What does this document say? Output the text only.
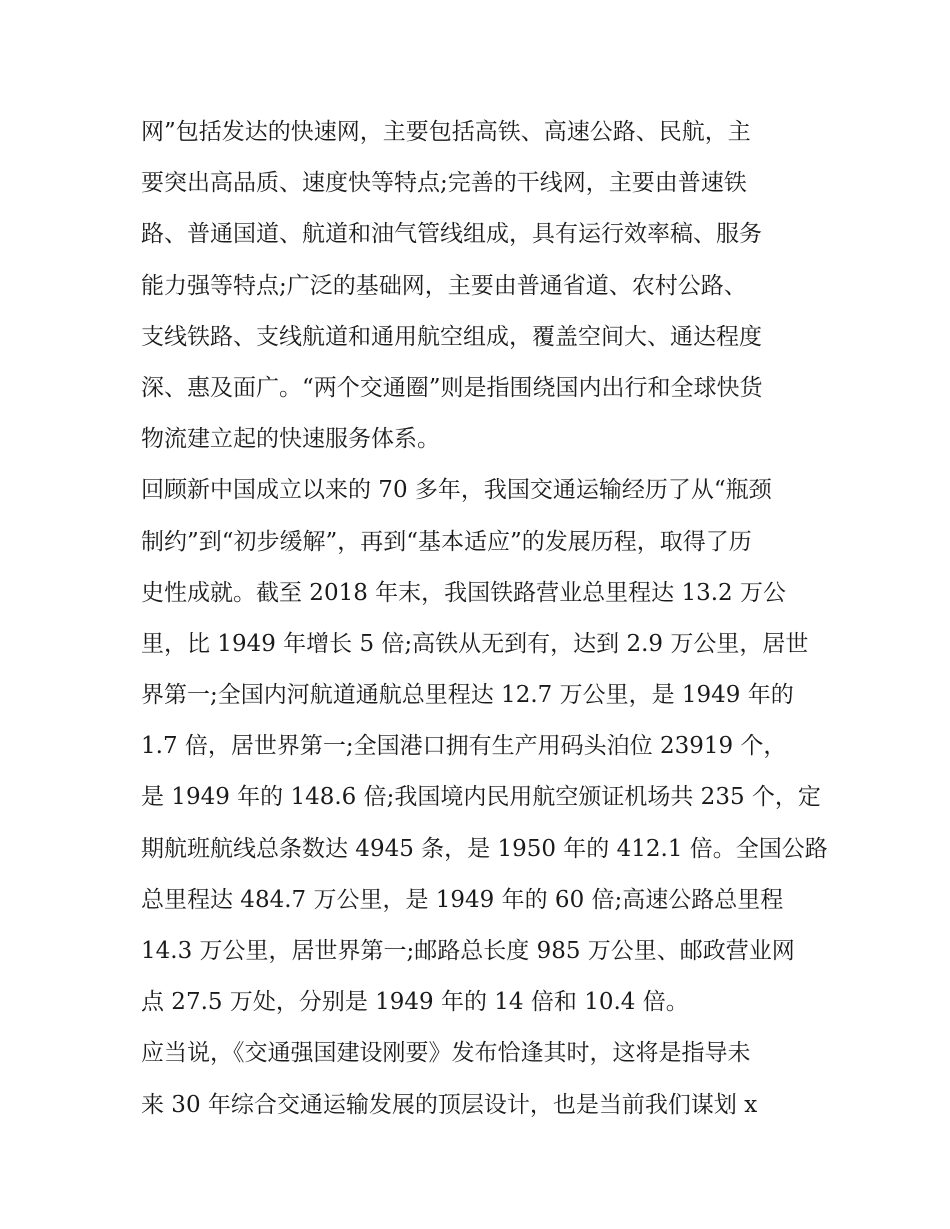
网”包括发达的快速网，主要包括高铁、高速公路、民航，主
要突出高品质、速度快等特点;完善的干线网，主要由普速铁
路、普通国道、航道和油气管线组成，具有运行效率稿、服务
能力强等特点;广泛的基础网，主要由普通省道、农村公路、
支线铁路、支线航道和通用航空组成，覆盖空间大、通达程度
深、惠及面广。“两个交通圈”则是指围绕国内出行和全球快货
物流建立起的快速服务体系。
回顾新中国成立以来的 70 多年，我国交通运输经历了从“瓶颈
制约”到“初步缓解”，再到“基本适应”的发展历程，取得了历
史性成就。截至 2018 年末，我国铁路营业总里程达 13.2 万公
里，比 1949 年增长 5 倍;高铁从无到有，达到 2.9 万公里，居世
界第一;全国内河航道通航总里程达 12.7 万公里，是 1949 年的
1.7 倍，居世界第一;全国港口拥有生产用码头泊位 23919 个，
是 1949 年的 148.6 倍;我国境内民用航空颁证机场共 235 个，定
期航班航线总条数达 4945 条，是 1950 年的 412.1 倍。全国公路
总里程达 484.7 万公里，是 1949 年的 60 倍;高速公路总里程
14.3 万公里，居世界第一;邮路总长度 985 万公里、邮政营业网
点 27.5 万处，分别是 1949 年的 14 倍和 10.4 倍。
应当说，《交通强国建设刚要》发布恰逢其时，这将是指导未
来 30 年综合交通运输发展的顶层设计，也是当前我们谋划 x
